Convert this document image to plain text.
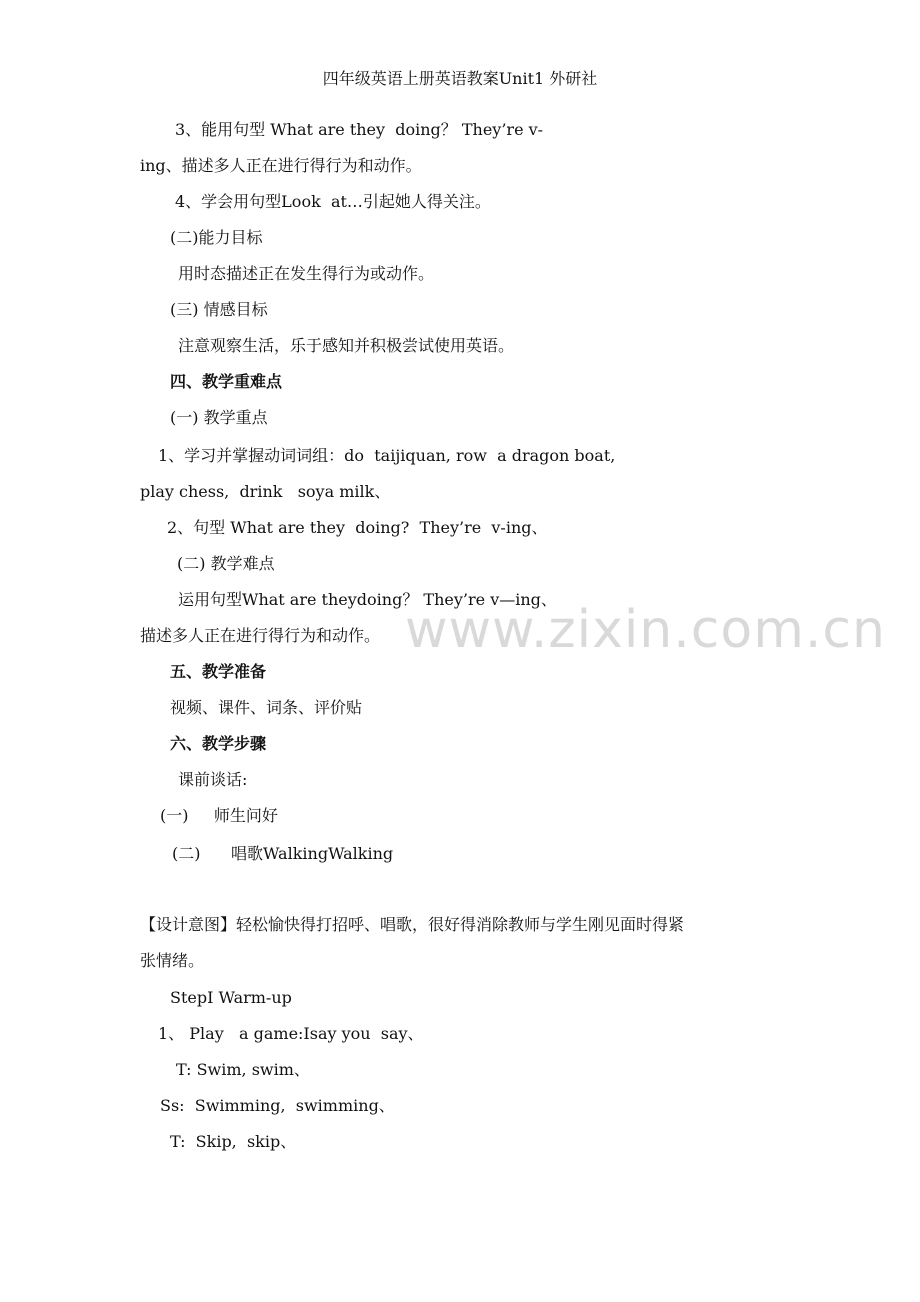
四年级英语上册英语教案Unit1 外研社
www.zixin.com.cn
3、能用句型 What are they  doing？ They’re v-
ing、描述多人正在进行得行为和动作。
4、学会用句型Look  at…引起她人得关注。
(二)能力目标
用时态描述正在发生得行为或动作。
(三) 情感目标
注意观察生活，乐于感知并积极尝试使用英语。
四、教学重难点
(一) 教学重点
1、学习并掌握动词词组：do  taijiquan, row  a dragon boat,
play chess,  drink   soya milk、
2、句型 What are they  doing?  They’re  v-ing、
(二) 教学难点
运用句型What are theydoing？ They’re v—ing、
描述多人正在进行得行为和动作。
五、教学准备
视频、课件、词条、评价贴
六、教学步骤
课前谈话:
(一)     师生问好
(二)      唱歌WalkingWalking
【设计意图】轻松愉快得打招呼、唱歌，很好得消除教师与学生刚见面时得紧
张情绪。
StepⅠ Warm-up
1、 Play   a game:Isay you  say、
T: Swim, swim、
Ss:  Swimming,  swimming、
T:  Skip,  skip、
